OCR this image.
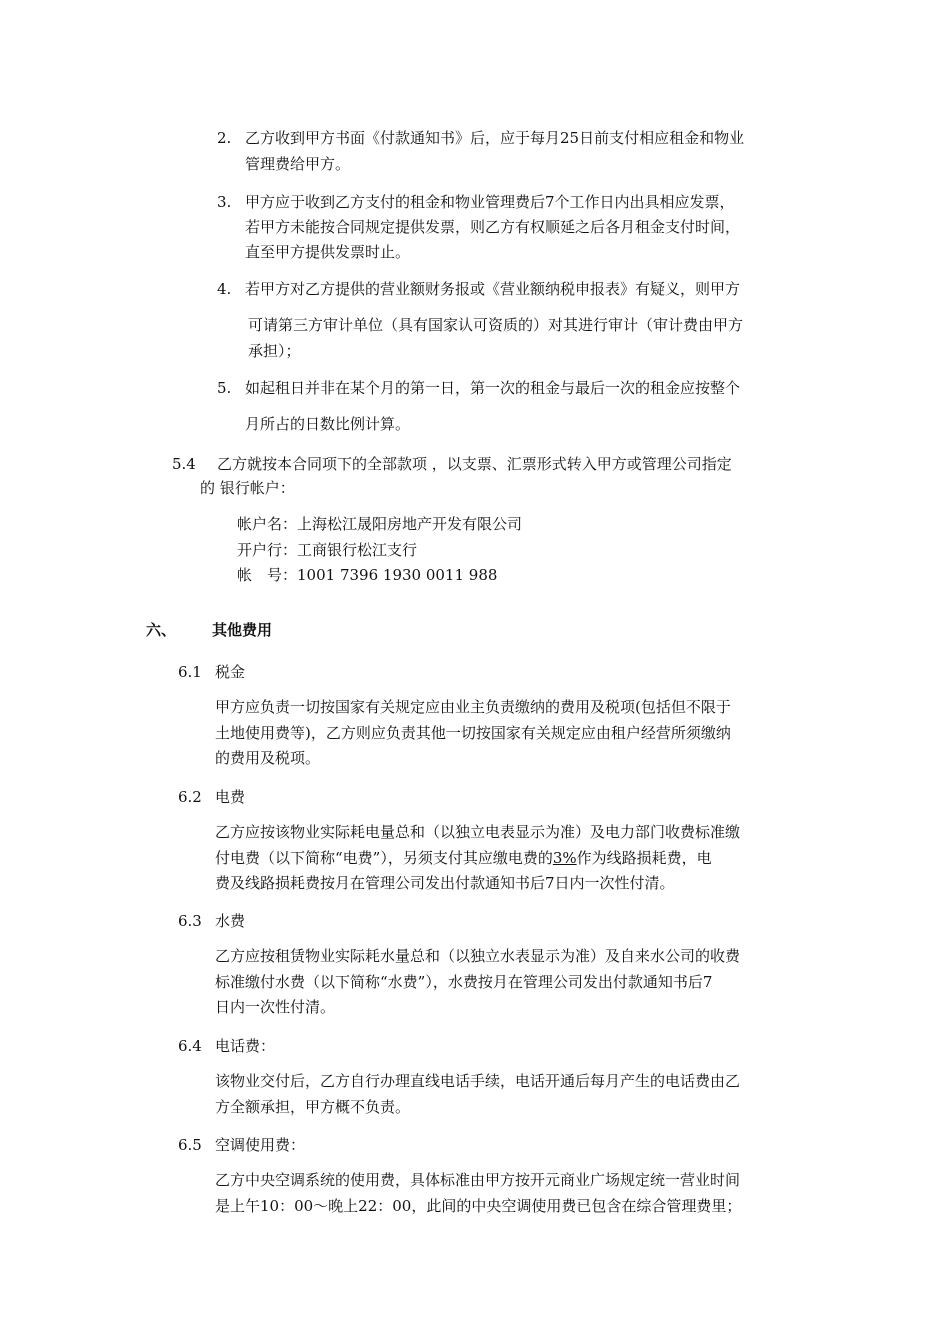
2. 乙方收到甲方书面《付款通知书》后，应于每月25日前支付相应租金和物业
管理费给甲方。
3. 甲方应于收到乙方支付的租金和物业管理费后7个工作日内出具相应发票，
若甲方未能按合同规定提供发票，则乙方有权顺延之后各月租金支付时间，
直至甲方提供发票时止。
4. 若甲方对乙方提供的营业额财务报或《营业额纳税申报表》有疑义，则甲方
可请第三方审计单位（具有国家认可资质的）对其进行审计（审计费由甲方
承担）；
5. 如起租日并非在某个月的第一日，第一次的租金与最后一次的租金应按整个
月所占的日数比例计算。
5.4 乙方就按本合同项下的全部款项 ，以支票、汇票形式转入甲方或管理公司指定
的 银行帐户：
帐户名：上海松江晟阳房地产开发有限公司
开户行：工商银行松江支行
帐　号：1001 7396 1930 0011 988
六、 其他费用
6.1 税金
甲方应负责一切按国家有关规定应由业主负责缴纳的费用及税项(包括但不限于
土地使用费等)，乙方则应负责其他一切按国家有关规定应由租户经营所须缴纳
的费用及税项。
6.2 电费
乙方应按该物业实际耗电量总和（以独立电表显示为准）及电力部门收费标准缴
付电费（以下简称“电费”），另须支付其应缴电费的3%作为线路损耗费，电
费及线路损耗费按月在管理公司发出付款通知书后7日内一次性付清。
6.3 水费
乙方应按租赁物业实际耗水量总和（以独立水表显示为准）及自来水公司的收费
标准缴付水费（以下简称“水费”），水费按月在管理公司发出付款通知书后7
日内一次性付清。
6.4 电话费：
该物业交付后，乙方自行办理直线电话手续，电话开通后每月产生的电话费由乙
方全额承担，甲方概不负责。
6.5 空调使用费：
乙方中央空调系统的使用费，具体标准由甲方按开元商业广场规定统一营业时间
是上午10：00～晚上22：00，此间的中央空调使用费已包含在综合管理费里；
